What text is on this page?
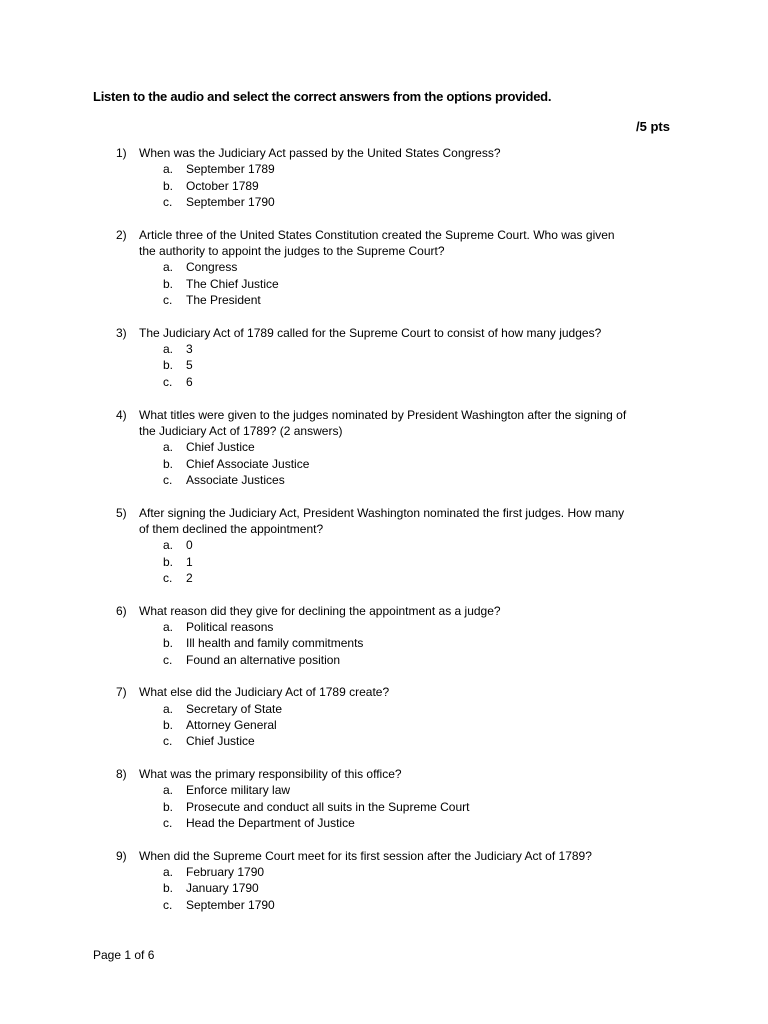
Listen to the audio and select the correct answers from the options provided.
/5 pts
1)	When was the Judiciary Act passed by the United States Congress?
a.	September 1789
b.	October 1789
c.	September 1790
2)	Article three of the United States Constitution created the Supreme Court. Who was given
the authority to appoint the judges to the Supreme Court?
a.	Congress
b.	The Chief Justice
c.	The President
3)	The Judiciary Act of 1789 called for the Supreme Court to consist of how many judges?
a.	3
b.	5
c.	6
4)	What titles were given to the judges nominated by President Washington after the signing of
the Judiciary Act of 1789? (2 answers)
a.	Chief Justice
b.	Chief Associate Justice
c.	Associate Justices
5)	After signing the Judiciary Act, President Washington nominated the first judges. How many
of them declined the appointment?
a.	0
b.	1
c.	2
6)	What reason did they give for declining the appointment as a judge?
a.	Political reasons
b.	Ill health and family commitments
c.	Found an alternative position
7)	What else did the Judiciary Act of 1789 create?
a.	Secretary of State
b.	Attorney General
c.	Chief Justice
8)	What was the primary responsibility of this office?
a.	Enforce military law
b.	Prosecute and conduct all suits in the Supreme Court
c.	Head the Department of Justice
9)	When did the Supreme Court meet for its first session after the Judiciary Act of 1789?
a.	February 1790
b.	January 1790
c.	September 1790
Page 1 of 6
